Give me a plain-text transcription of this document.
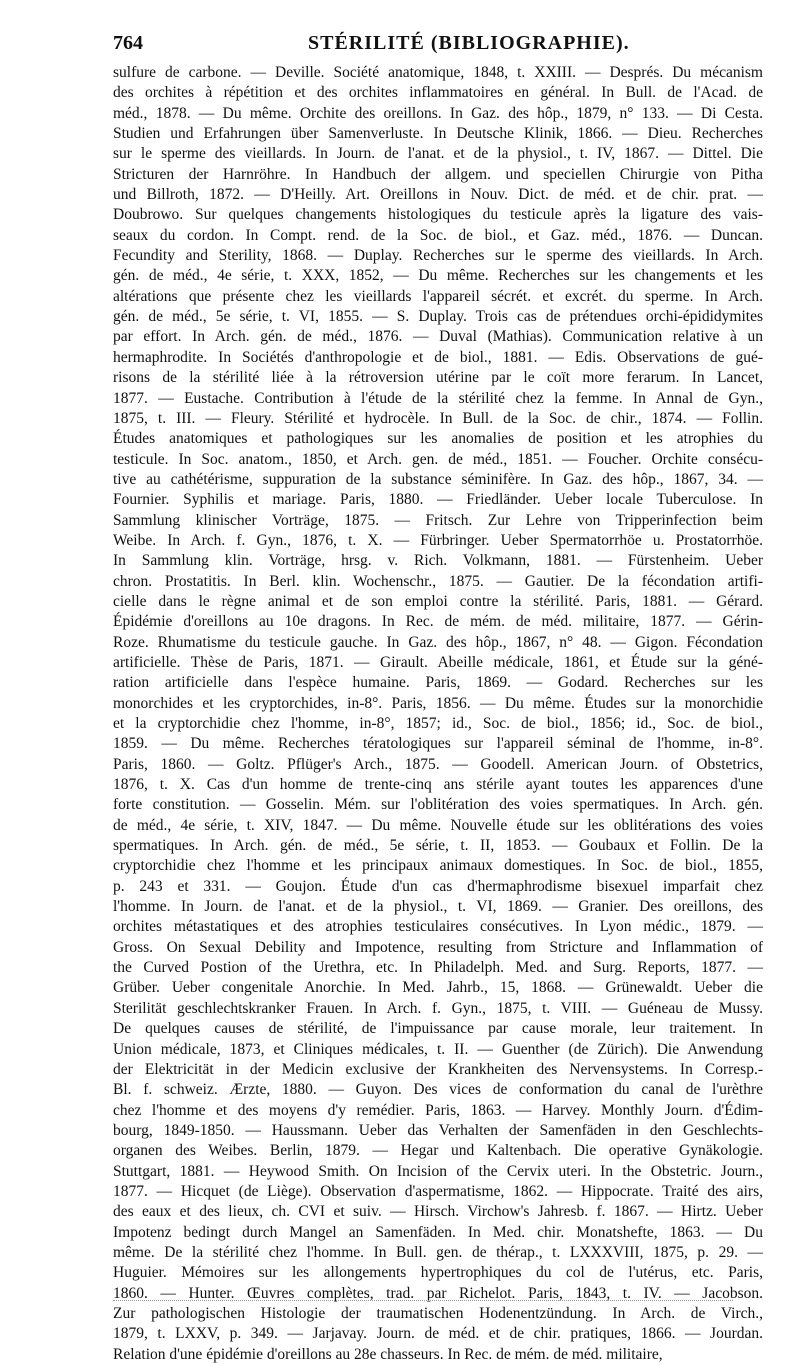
764	STÉRILITÉ (BIBLIOGRAPHIE).
sulfure de carbone. — Deville. Société anatomique, 1848, t. XXIII. — Després. Du mécanism
des orchites à répétition et des orchites inflammatoires en général. In Bull. de l'Acad. de
méd., 1878. — Du même. Orchite des oreillons. In Gaz. des hôp., 1879, n° 133. — Di Cesta.
Studien und Erfahrungen über Samenverluste. In Deutsche Klinik, 1866. — Dieu. Recherches
sur le sperme des vieillards. In Journ. de l'anat. et de la physiol., t. IV, 1867. — Dittel. Die
Stricturen der Harnröhre. In Handbuch der allgem. und speciellen Chirurgie von Pitha
und Billroth, 1872. — D'Heilly. Art. Oreillons in Nouv. Dict. de méd. et de chir. prat. —
Doubrowo. Sur quelques changements histologiques du testicule après la ligature des vais-
seaux du cordon. In Compt. rend. de la Soc. de biol., et Gaz. méd., 1876. — Duncan.
Fecundity and Sterility, 1868. — Duplay. Recherches sur le sperme des vieillards. In Arch.
gén. de méd., 4e série, t. XXX, 1852, — Du même. Recherches sur les changements et les
altérations que présente chez les vieillards l'appareil sécrét. et excrét. du sperme. In Arch.
gén. de méd., 5e série, t. VI, 1855. — S. Duplay. Trois cas de prétendues orchi-épididymites
par effort. In Arch. gén. de méd., 1876. — Duval (Mathias). Communication relative à un
hermaphrodite. In Sociétés d'anthropologie et de biol., 1881. — Edis. Observations de gué-
risons de la stérilité liée à la rétroversion utérine par le coït more ferarum. In Lancet,
1877. — Eustache. Contribution à l'étude de la stérilité chez la femme. In Annal de Gyn.,
1875, t. III. — Fleury. Stérilité et hydrocèle. In Bull. de la Soc. de chir., 1874. — Follin.
Études anatomiques et pathologiques sur les anomalies de position et les atrophies du
testicule. In Soc. anatom., 1850, et Arch. gen. de méd., 1851. — Foucher. Orchite consécu-
tive au cathétérisme, suppuration de la substance séminifère. In Gaz. des hôp., 1867, 34. —
Fournier. Syphilis et mariage. Paris, 1880. — Friedländer. Ueber locale Tuberculose. In
Sammlung klinischer Vorträge, 1875. — Fritsch. Zur Lehre von Tripperinfection beim
Weibe. In Arch. f. Gyn., 1876, t. X. — Fürbringer. Ueber Spermatorrhöe u. Prostatorrhöe.
In Sammlung klin. Vorträge, hrsg. v. Rich. Volkmann, 1881. — Fürstenheim. Ueber
chron. Prostatitis. In Berl. klin. Wochenschr., 1875. — Gautier. De la fécondation artifi-
cielle dans le règne animal et de son emploi contre la stérilité. Paris, 1881. — Gérard.
Épidémie d'oreillons au 10e dragons. In Rec. de mém. de méd. militaire, 1877. — Gérin-
Roze. Rhumatisme du testicule gauche. In Gaz. des hôp., 1867, n° 48. — Gigon. Fécondation
artificielle. Thèse de Paris, 1871. — Girault. Abeille médicale, 1861, et Étude sur la géné-
ration artificielle dans l'espèce humaine. Paris, 1869. — Godard. Recherches sur les
monorchides et les cryptorchides, in-8°. Paris, 1856. — Du même. Études sur la monorchidie
et la cryptorchidie chez l'homme, in-8°, 1857; id., Soc. de biol., 1856; id., Soc. de biol.,
1859. — Du même. Recherches tératologiques sur l'appareil séminal de l'homme, in-8°.
Paris, 1860. — Goltz. Pflüger's Arch., 1875. — Goodell. American Journ. of Obstetrics,
1876, t. X. Cas d'un homme de trente-cinq ans stérile ayant toutes les apparences d'une
forte constitution. — Gosselin. Mém. sur l'oblitération des voies spermatiques. In Arch. gén.
de méd., 4e série, t. XIV, 1847. — Du même. Nouvelle étude sur les oblitérations des voies
spermatiques. In Arch. gén. de méd., 5e série, t. II, 1853. — Goubaux et Follin. De la
cryptorchidie chez l'homme et les principaux animaux domestiques. In Soc. de biol., 1855,
p. 243 et 331. — Goujon. Étude d'un cas d'hermaphrodisme bisexuel imparfait chez
l'homme. In Journ. de l'anat. et de la physiol., t. VI, 1869. — Granier. Des oreillons, des
orchites métastatiques et des atrophies testiculaires consécutives. In Lyon médic., 1879. —
Gross. On Sexual Debility and Impotence, resulting from Stricture and Inflammation of
the Curved Postion of the Urethra, etc. In Philadelph. Med. and Surg. Reports, 1877. —
Grüber. Ueber congenitale Anorchie. In Med. Jahrb., 15, 1868. — Grünewaldt. Ueber die
Sterilität geschlechtskranker Frauen. In Arch. f. Gyn., 1875, t. VIII. — Guéneau de Mussy.
De quelques causes de stérilité, de l'impuissance par cause morale, leur traitement. In
Union médicale, 1873, et Cliniques médicales, t. II. — Guenther (de Zürich). Die Anwendung
der Elektricität in der Medicin exclusive der Krankheiten des Nervensystems. In Corresp.-
Bl. f. schweiz. Ærzte, 1880. — Guyon. Des vices de conformation du canal de l'urèthre
chez l'homme et des moyens d'y remédier. Paris, 1863. — Harvey. Monthly Journ. d'Édim-
bourg, 1849-1850. — Haussmann. Ueber das Verhalten der Samenfäden in den Geschlechts-
organen des Weibes. Berlin, 1879. — Hegar und Kaltenbach. Die operative Gynäkologie.
Stuttgart, 1881. — Heywood Smith. On Incision of the Cervix uteri. In the Obstetric. Journ.,
1877. — Hicquet (de Liège). Observation d'aspermatisme, 1862. — Hippocrate. Traité des airs,
des eaux et des lieux, ch. CVI et suiv. — Hirsch. Virchow's Jahresb. f. 1867. — Hirtz. Ueber
Impotenz bedingt durch Mangel an Samenfäden. In Med. chir. Monatshefte, 1863. — Du
même. De la stérilité chez l'homme. In Bull. gen. de thérap., t. LXXXVIII, 1875, p. 29. —
Huguier. Mémoires sur les allongements hypertrophiques du col de l'utérus, etc. Paris,
1860. — Hunter. Œuvres complètes, trad. par Richelot. Paris, 1843, t. IV. — Jacobson.
Zur pathologischen Histologie der traumatischen Hodenentzündung. In Arch. de Virch.,
1879, t. LXXV, p. 349. — Jarjavay. Journ. de méd. et de chir. pratiques, 1866. — Jourdan.
Relation d'une épidémie d'oreillons au 28e chasseurs. In Rec. de mém. de méd. militaire,
